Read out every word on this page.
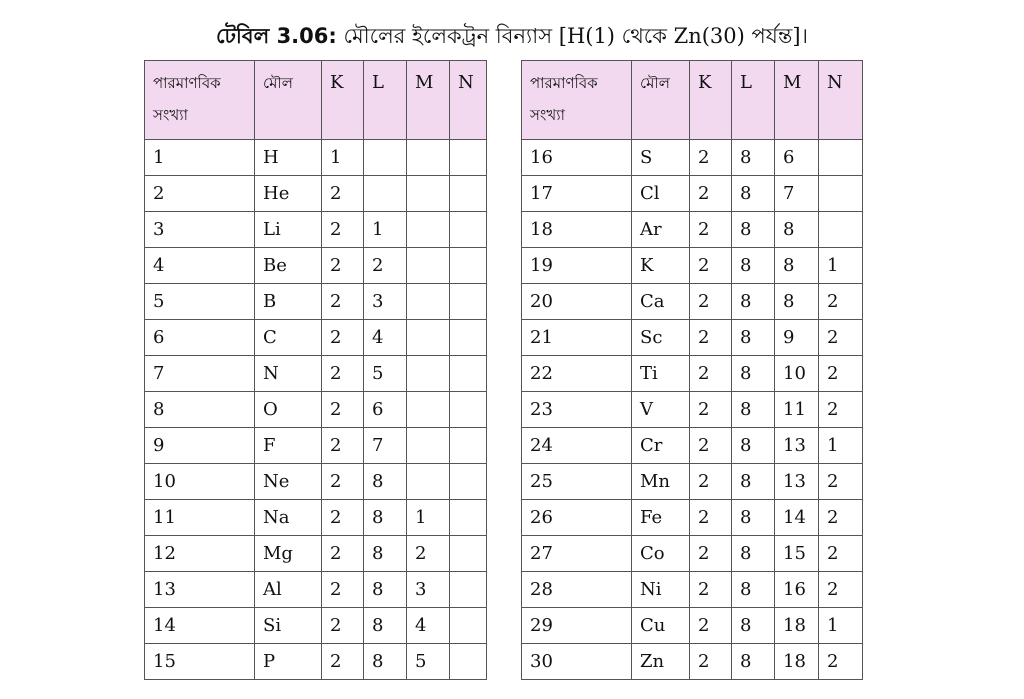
টেবিল 3.06: মৌলের ইলেকট্রন বিন্যাস [H(1) থেকে Zn(30) পর্যন্ত]।
পারমাণবিক সংখ্যা	মৌল	K	L	M	N
1	H	1			
2	He	2			
3	Li	2	1		
4	Be	2	2		
5	B	2	3		
6	C	2	4		
7	N	2	5		
8	O	2	6		
9	F	2	7		
10	Ne	2	8		
11	Na	2	8	1	
12	Mg	2	8	2	
13	Al	2	8	3	
14	Si	2	8	4	
15	P	2	8	5	
পারমাণবিক সংখ্যা	মৌল	K	L	M	N
16	S	2	8	6	
17	Cl	2	8	7	
18	Ar	2	8	8	
19	K	2	8	8	1
20	Ca	2	8	8	2
21	Sc	2	8	9	2
22	Ti	2	8	10	2
23	V	2	8	11	2
24	Cr	2	8	13	1
25	Mn	2	8	13	2
26	Fe	2	8	14	2
27	Co	2	8	15	2
28	Ni	2	8	16	2
29	Cu	2	8	18	1
30	Zn	2	8	18	2
